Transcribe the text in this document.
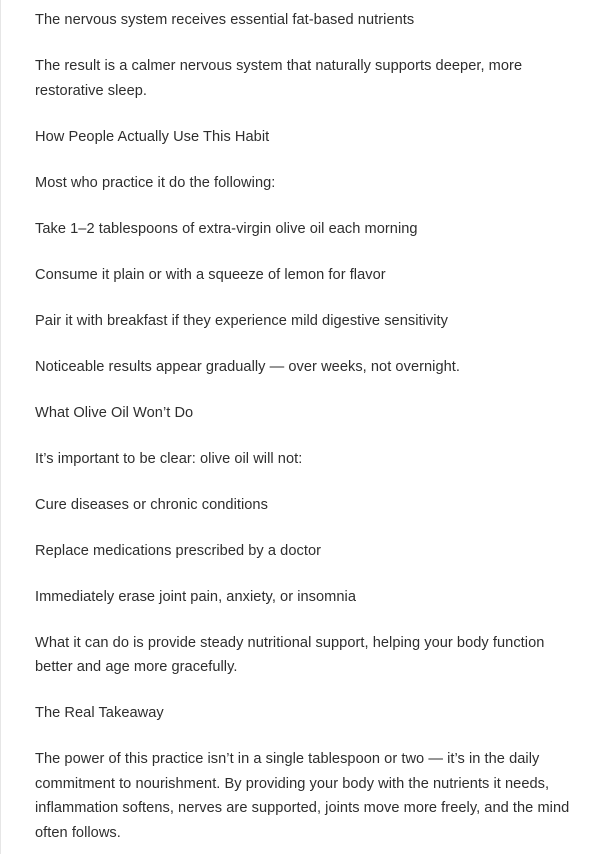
The nervous system receives essential fat-based nutrients

The result is a calmer nervous system that naturally supports deeper, more restorative sleep.

How People Actually Use This Habit

Most who practice it do the following:

Take 1–2 tablespoons of extra-virgin olive oil each morning

Consume it plain or with a squeeze of lemon for flavor

Pair it with breakfast if they experience mild digestive sensitivity

Noticeable results appear gradually — over weeks, not overnight.

What Olive Oil Won’t Do

It’s important to be clear: olive oil will not:

Cure diseases or chronic conditions

Replace medications prescribed by a doctor

Immediately erase joint pain, anxiety, or insomnia

What it can do is provide steady nutritional support, helping your body function better and age more gracefully.

The Real Takeaway

The power of this practice isn’t in a single tablespoon or two — it’s in the daily commitment to nourishment. By providing your body with the nutrients it needs, inflammation softens, nerves are supported, joints move more freely, and the mind often follows.
